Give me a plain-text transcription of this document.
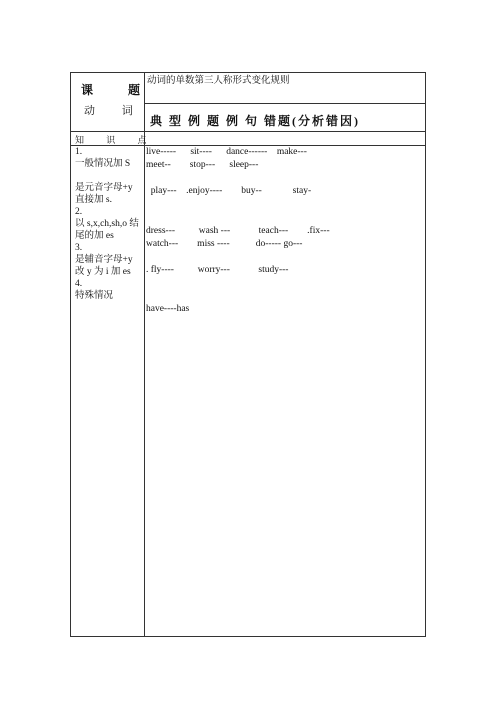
课 题
动 词
知 识 点
动词的单数第三人称形式变化规则
典 型 例 题 例 句 错题(分析错因)
1.
一般情况加 S
是元音字母+y 直接加 s.
2.
以 s,x,ch,sh,o 结尾的加 es
3.
是辅音字母+y 改 y 为 i 加 es
4.
特殊情况
live-----      sit----      dance------    make---
meet--        stop---      sleep---
play---    .enjoy----        buy--             stay-
dress---          wash ---            teach---        .fix---
watch---        miss ----           do----- go---
. fly----          worry---            study---
have----has
